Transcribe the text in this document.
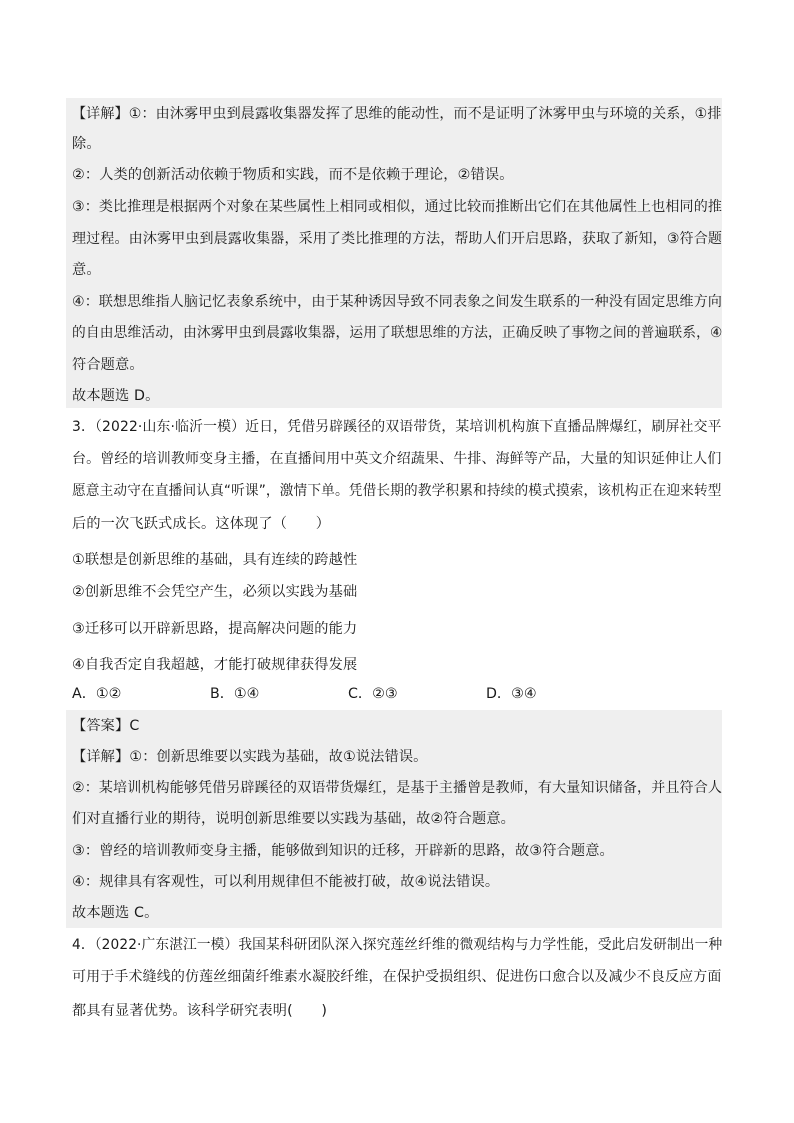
【详解】①：由沐雾甲虫到晨露收集器发挥了思维的能动性，而不是证明了沐雾甲虫与环境的关系，①排
除。
②：人类的创新活动依赖于物质和实践，而不是依赖于理论，②错误。
③：类比推理是根据两个对象在某些属性上相同或相似，通过比较而推断出它们在其他属性上也相同的推
理过程。由沐雾甲虫到晨露收集器，采用了类比推理的方法，帮助人们开启思路，获取了新知，③符合题
意。
④：联想思维指人脑记忆表象系统中，由于某种诱因导致不同表象之间发生联系的一种没有固定思维方向
的自由思维活动，由沐雾甲虫到晨露收集器，运用了联想思维的方法，正确反映了事物之间的普遍联系，④
符合题意。
故本题选 D。
3．（2022·山东·临沂一模）近日，凭借另辟蹊径的双语带货，某培训机构旗下直播品牌爆红，刷屏社交平
台。曾经的培训教师变身主播，在直播间用中英文介绍蔬果、牛排、海鲜等产品，大量的知识延伸让人们
愿意主动守在直播间认真“听课”，激情下单。凭借长期的教学积累和持续的模式摸索，该机构正在迎来转型
后的一次飞跃式成长。这体现了（　　）
①联想是创新思维的基础，具有连续的跨越性
②创新思维不会凭空产生，必须以实践为基础
③迁移可以开辟新思路，提高解决问题的能力
④自我否定自我超越，才能打破规律获得发展
A．①②	B．①④	C．②③	D．③④
【答案】C
【详解】①：创新思维要以实践为基础，故①说法错误。
②：某培训机构能够凭借另辟蹊径的双语带货爆红，是基于主播曾是教师，有大量知识储备，并且符合人
们对直播行业的期待，说明创新思维要以实践为基础，故②符合题意。
③：曾经的培训教师变身主播，能够做到知识的迁移，开辟新的思路，故③符合题意。
④：规律具有客观性，可以利用规律但不能被打破，故④说法错误。
故本题选 C。
4．（2022·广东湛江一模）我国某科研团队深入探究莲丝纤维的微观结构与力学性能，受此启发研制出一种
可用于手术缝线的仿莲丝细菌纤维素水凝胶纤维，在保护受损组织、促进伤口愈合以及减少不良反应方面
都具有显著优势。该科学研究表明(　　)
